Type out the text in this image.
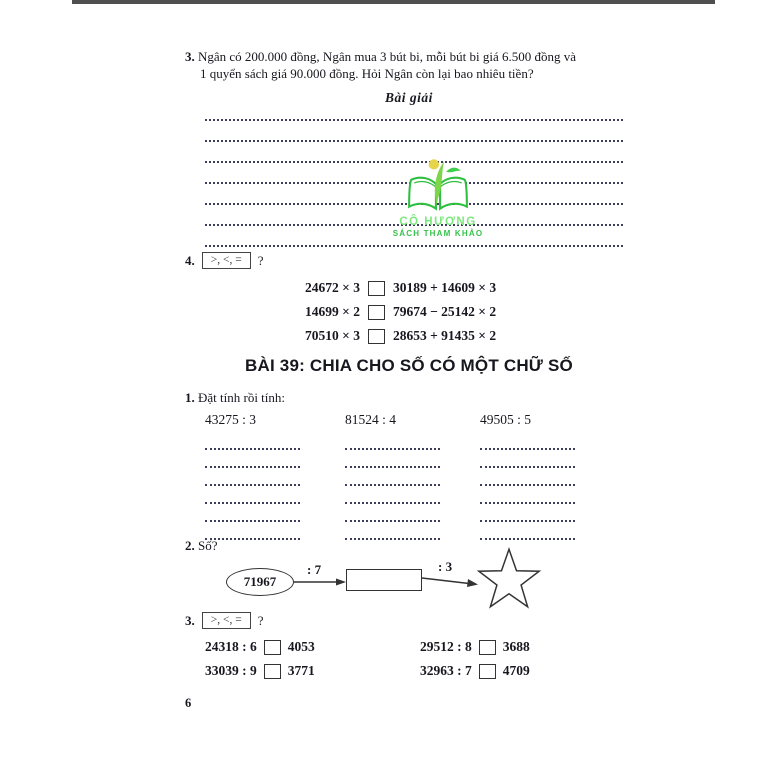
3. Ngân có 200.000 đồng, Ngân mua 3 bút bi, mỗi bút bi giá 6.500 đồng và
1 quyển sách giá 90.000 đồng. Hỏi Ngân còn lại bao nhiêu tiền?
Bài giải
CÔ HƯƠNG
SÁCH THAM KHẢO
4.	>, <, =	?
24672 × 3 30189 + 14609 × 3
14699 × 2 79674 − 25142 × 2
70510 × 3 28653 + 91435 × 2
BÀI 39: CHIA CHO SỐ CÓ MỘT CHỮ SỐ
1. Đặt tính rồi tính:
43275 : 3	81524 : 4	49505 : 5
2. Số?
71967
: 7	: 3
3.	>, <, =	?
24318 : 6 4053
33039 : 9 3771
29512 : 8 3688
32963 : 7 4709
6
